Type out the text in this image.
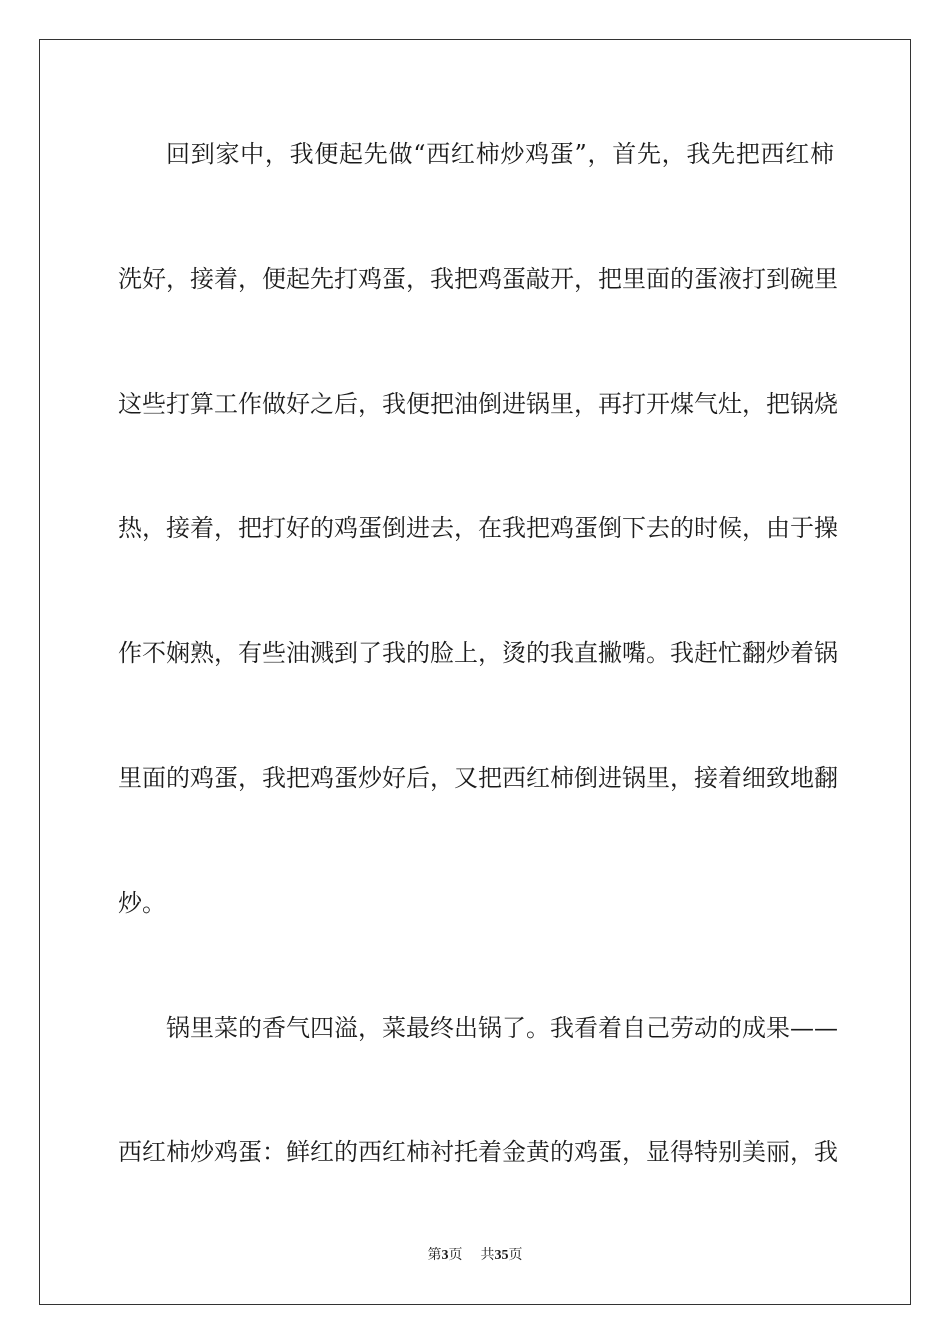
回到家中，我便起先做“西红柿炒鸡蛋”，首先，我先把西红柿
洗好，接着，便起先打鸡蛋，我把鸡蛋敲开，把里面的蛋液打到碗里
这些打算工作做好之后，我便把油倒进锅里，再打开煤气灶，把锅烧
热，接着，把打好的鸡蛋倒进去，在我把鸡蛋倒下去的时候，由于操
作不娴熟，有些油溅到了我的脸上，烫的我直撇嘴。我赶忙翻炒着锅
里面的鸡蛋，我把鸡蛋炒好后，又把西红柿倒进锅里，接着细致地翻
炒。
锅里菜的香气四溢，菜最终出锅了。我看着自己劳动的成果——
西红柿炒鸡蛋：鲜红的西红柿衬托着金黄的鸡蛋，显得特别美丽，我
第3页 共35页
